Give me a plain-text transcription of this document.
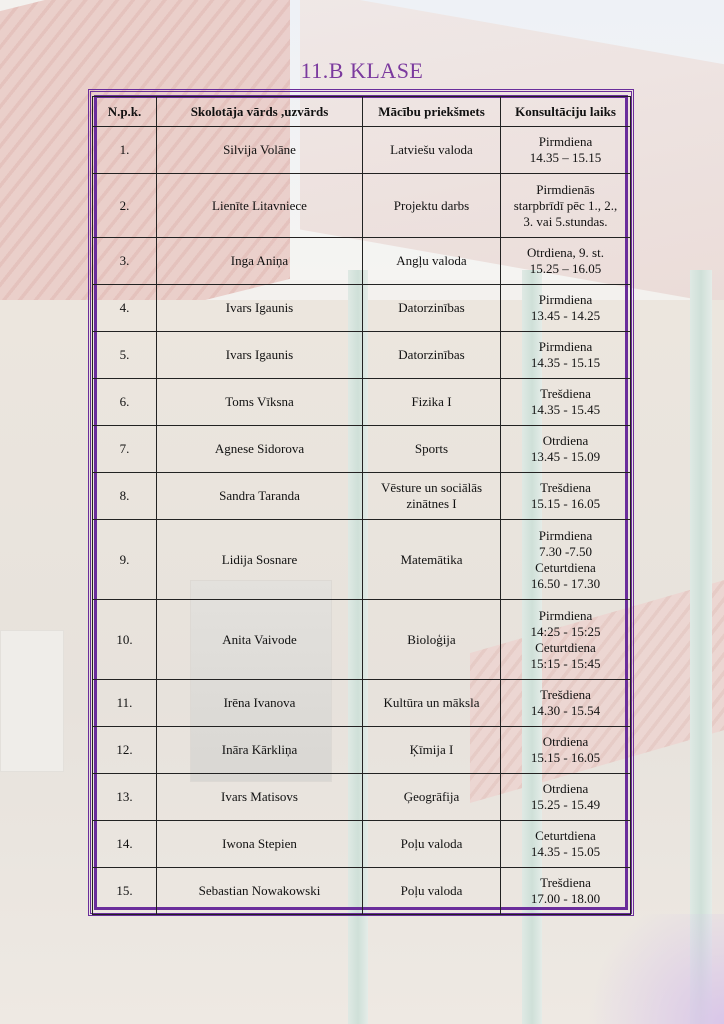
11.B KLASE
N.p.k.	Skolotāja vārds ,uzvārds	Mācību priekšmets	Konsultāciju laiks
1.	Silvija Volāne	Latviešu valoda	Pirmdiena
14.35 – 15.15

2.	Lienīte Litavniece	Projektu darbs	Pirmdienās
starpbrīdī pēc 1., 2.,
3. vai 5.stundas.

3.	Inga Aniņa	Angļu valoda	Otrdiena, 9. st.
15.25 – 16.05

4.	Ivars Igaunis	Datorzinības	Pirmdiena
13.45 - 14.25

5.	Ivars Igaunis	Datorzinības	Pirmdiena
14.35 - 15.15

6.	Toms Vīksna	Fizika I	Trešdiena
14.35 - 15.45

7.	Agnese Sidorova	Sports	Otrdiena
13.45 - 15.09

8.	Sandra Taranda	Vēsture un sociālās zinātnes I	Trešdiena
15.15 - 16.05

9.	Lidija Sosnare	Matemātika	Pirmdiena
7.30 -7.50
Ceturtdiena
16.50 - 17.30

10.	Anita Vaivode	Bioloģija	Pirmdiena
14:25 - 15:25
Ceturtdiena
15:15 - 15:45

11.	Irēna Ivanova	Kultūra un māksla	Trešdiena
14.30 - 15.54

12.	Ināra Kārkliņa	Ķīmija I	Otrdiena
15.15 - 16.05

13.	Ivars Matisovs	Ģeogrāfija	Otrdiena
15.25 - 15.49

14.	Iwona Stepien	Poļu valoda	Ceturtdiena
14.35 - 15.05

15.	Sebastian Nowakowski	Poļu valoda	Trešdiena
17.00 - 18.00
